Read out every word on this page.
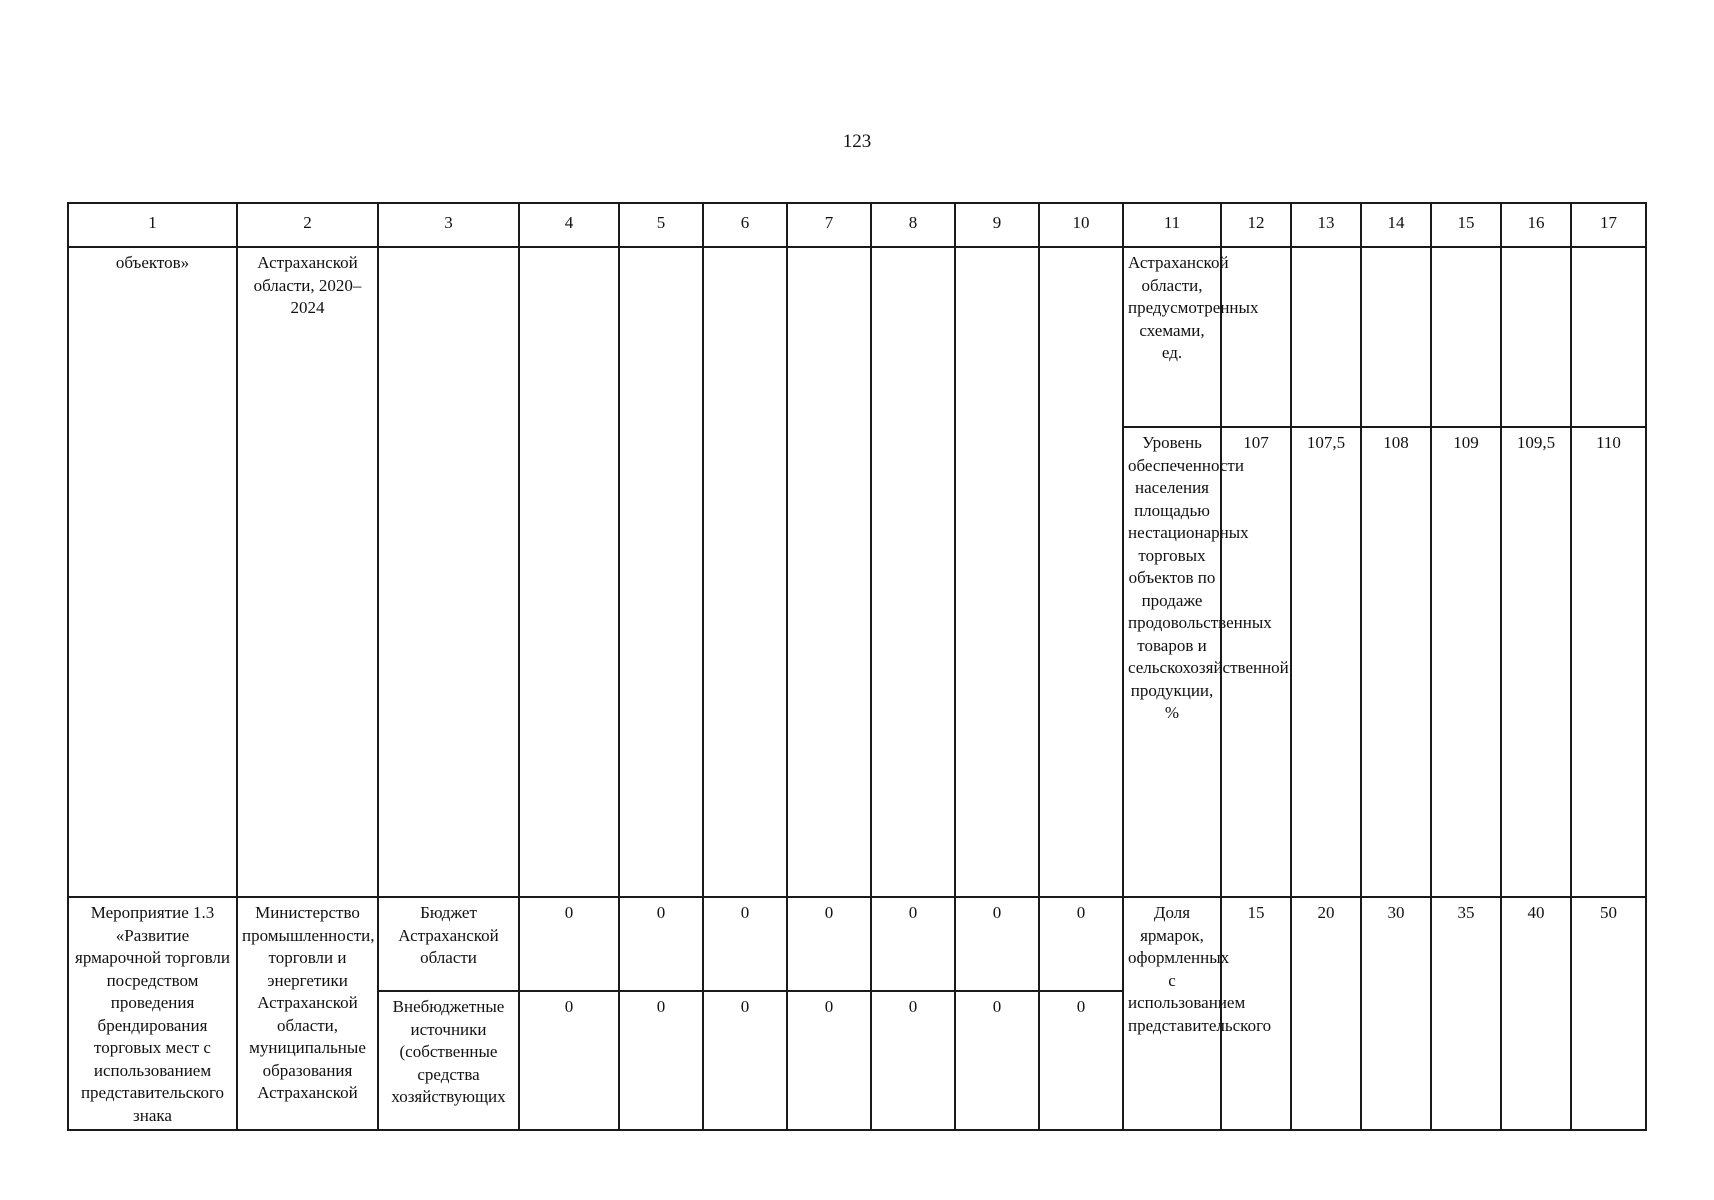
123
1	2	3	4	5	6	7	8	9	10	11	12	13	14	15	16	17
объектов»	Астраханской области, 2020–2024									Астраханской области, предусмотренных схемами, ед.						

										Уровень обеспеченности населения площадью нестационарных торговых объектов по продаже продовольственных товаров и сельскохозяйственной продукции, %	107	107,5	108	109	109,5	110
Мероприятие 1.3 «Развитие ярмарочной торговли посредством проведения брендирования торговых мест с использованием представительского знака	Министерство промышленности, торговли и энергетики Астраханской области, муниципальные образования Астраханской	Бюджет Астраханской области	0	0	0	0	0	0	0	Доля ярмарок, оформленных с использованием представительского	15	20	30	35	40	50
		Внебюджетные источники (собственные средства хозяйствующих	0	0	0	0	0	0	0							
